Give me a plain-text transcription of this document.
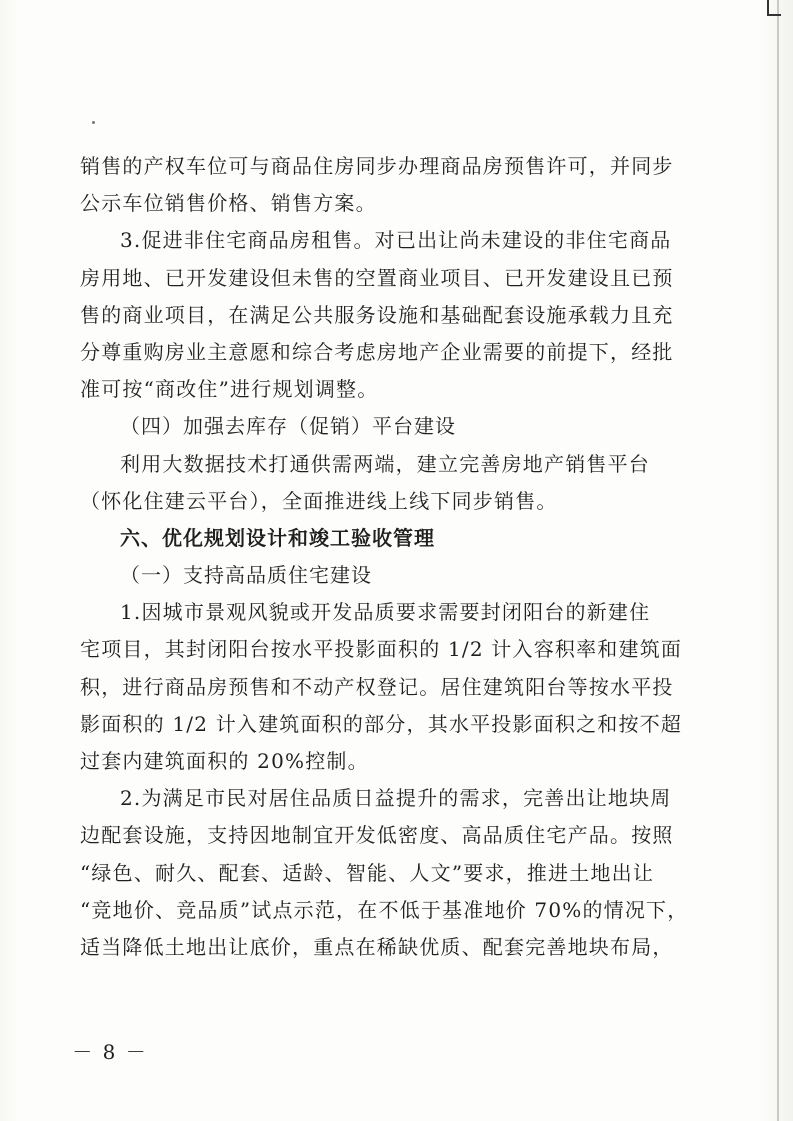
销售的产权车位可与商品住房同步办理商品房预售许可，并同步
公示车位销售价格、销售方案。
3.促进非住宅商品房租售。对已出让尚未建设的非住宅商品
房用地、已开发建设但未售的空置商业项目、已开发建设且已预
售的商业项目，在满足公共服务设施和基础配套设施承载力且充
分尊重购房业主意愿和综合考虑房地产企业需要的前提下，经批
准可按“商改住”进行规划调整。
（四）加强去库存（促销）平台建设
利用大数据技术打通供需两端，建立完善房地产销售平台
（怀化住建云平台），全面推进线上线下同步销售。
六、优化规划设计和竣工验收管理
（一）支持高品质住宅建设
1.因城市景观风貌或开发品质要求需要封闭阳台的新建住
宅项目，其封闭阳台按水平投影面积的 1/2 计入容积率和建筑面
积，进行商品房预售和不动产权登记。居住建筑阳台等按水平投
影面积的 1/2 计入建筑面积的部分，其水平投影面积之和按不超
过套内建筑面积的 20%控制。
2.为满足市民对居住品质日益提升的需求，完善出让地块周
边配套设施，支持因地制宜开发低密度、高品质住宅产品。按照
“绿色、耐久、配套、适龄、智能、人文”要求，推进土地出让
“竞地价、竞品质”试点示范，在不低于基准地价 70%的情况下，
适当降低土地出让底价，重点在稀缺优质、配套完善地块布局，
－ 8 －
